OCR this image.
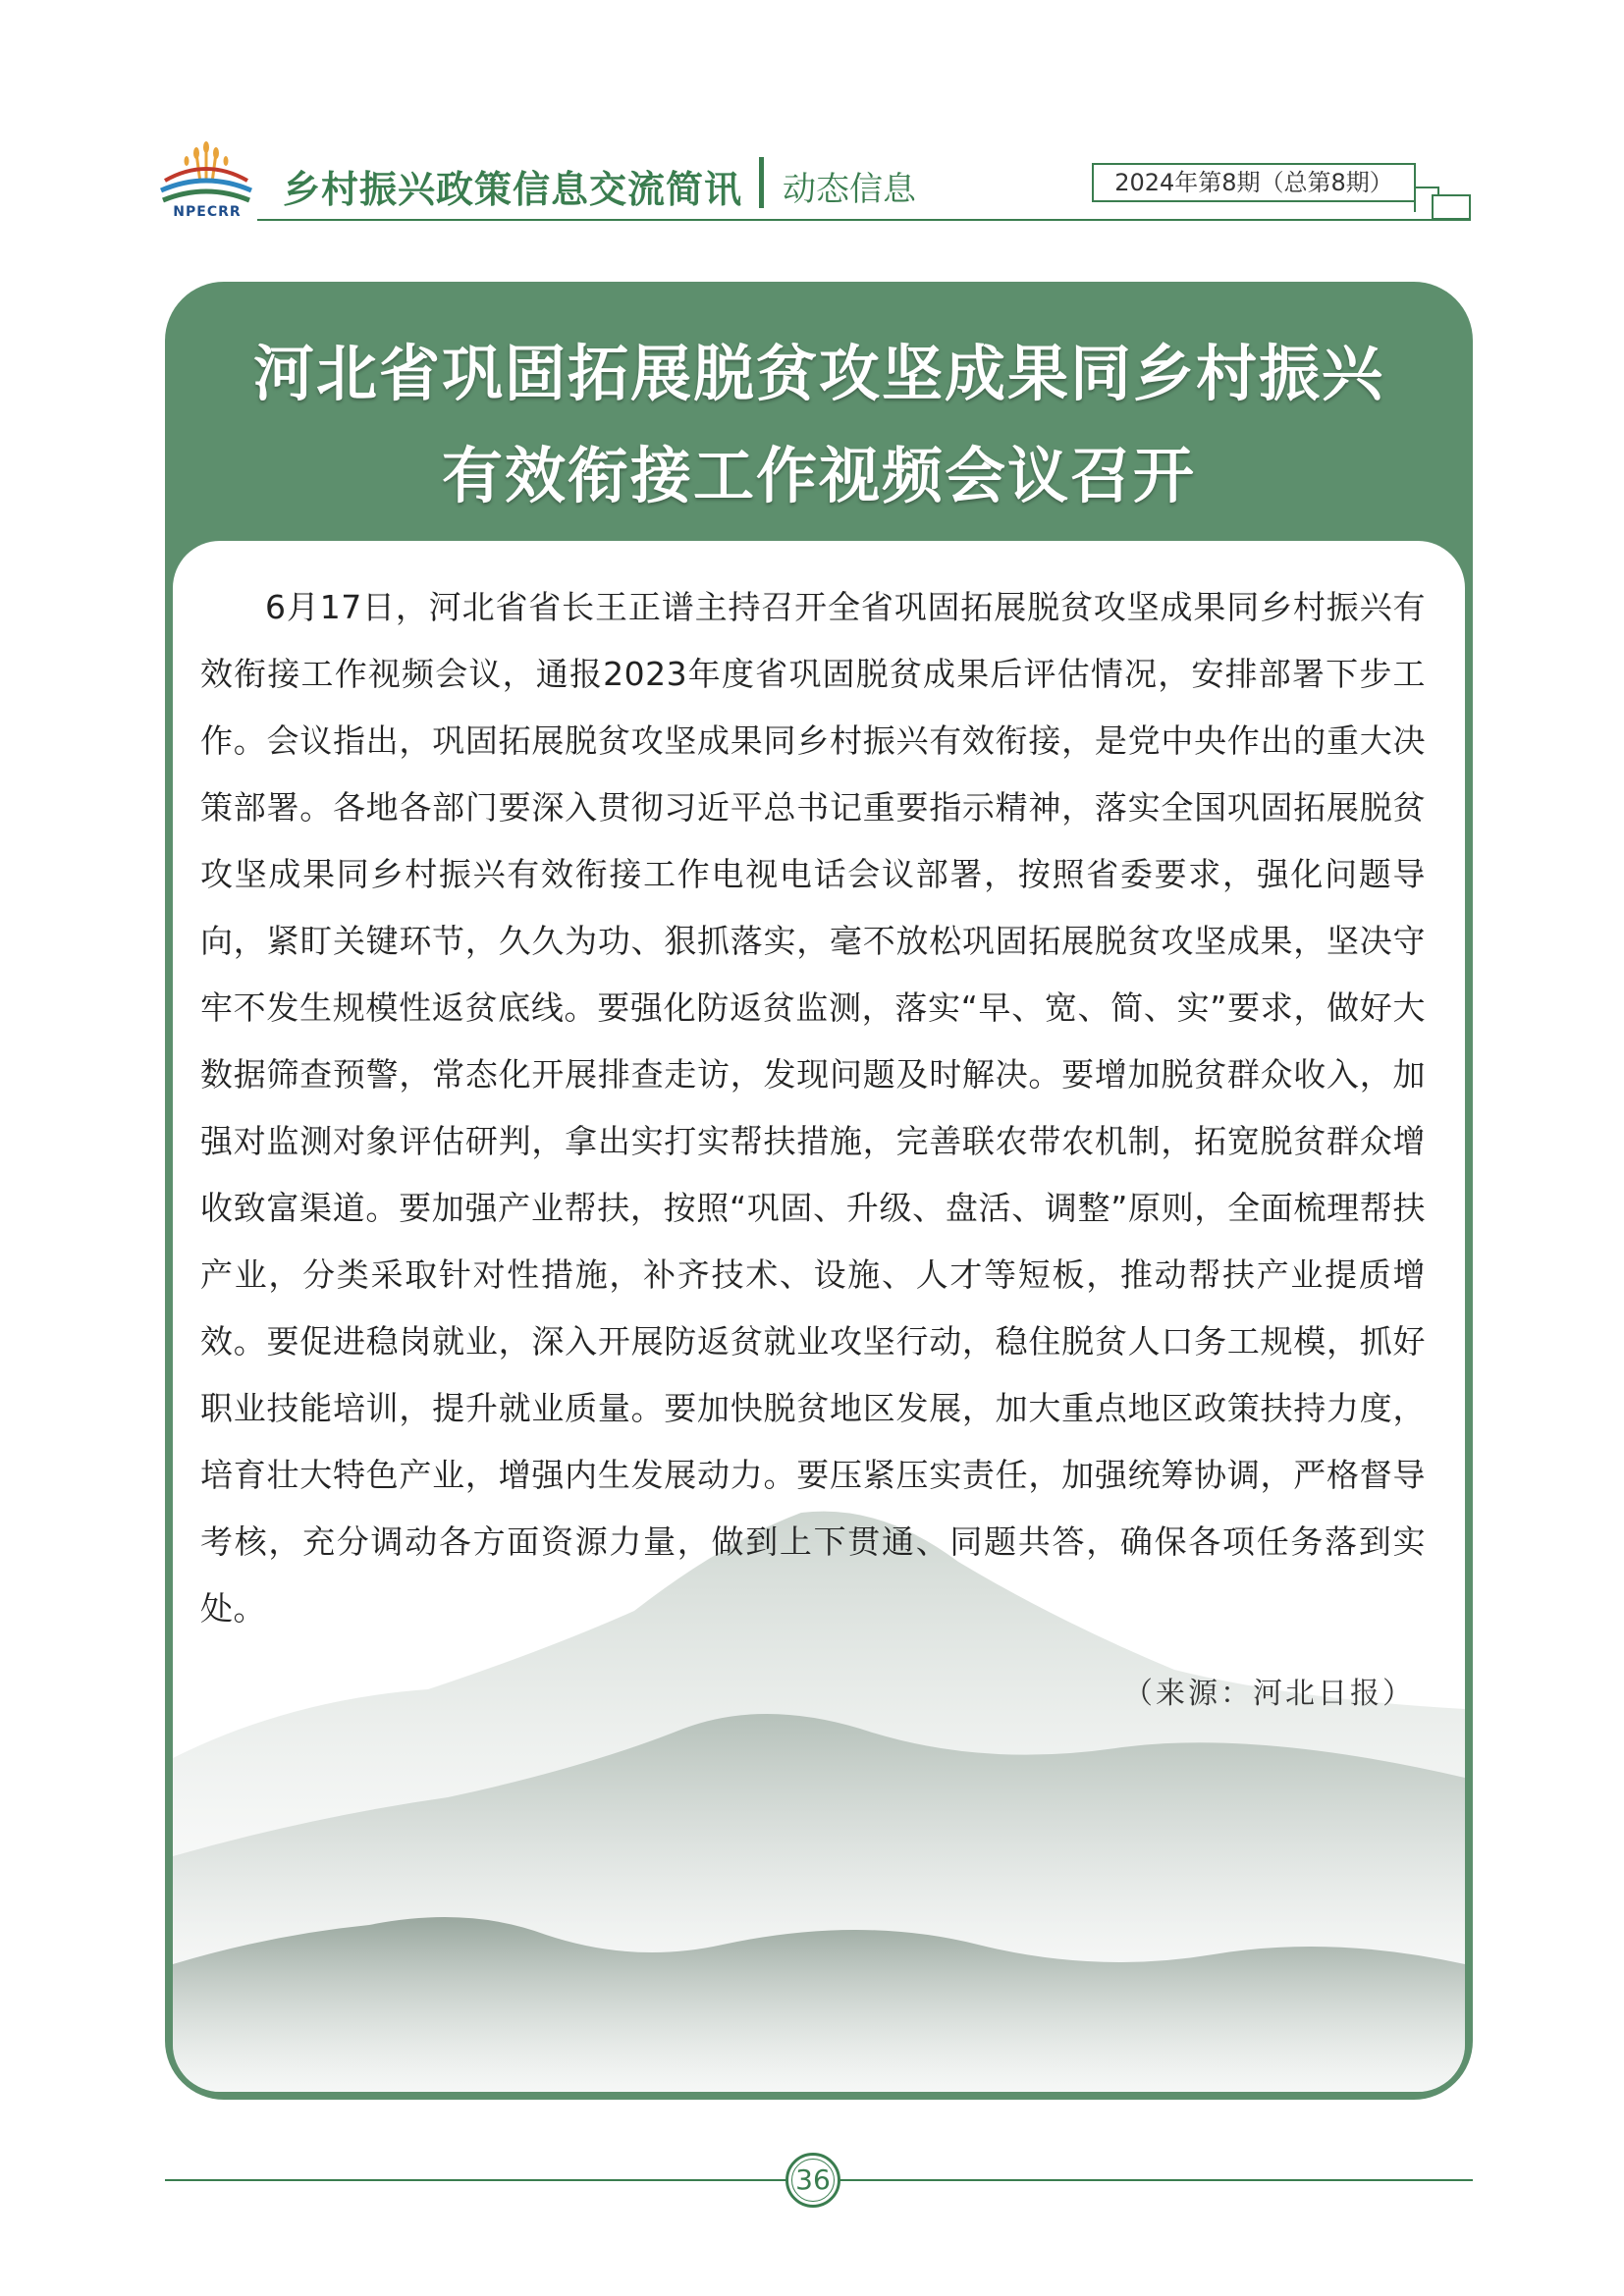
NPECRR
乡村振兴政策信息交流简讯 动态信息	2024年第8期（总第8期）
河北省巩固拓展脱贫攻坚成果同乡村振兴
有效衔接工作视频会议召开

6月17日，河北省省长王正谱主持召开全省巩固拓展脱贫攻坚成果同乡村振兴有效衔接工作视频会议，通报2023年度省巩固脱贫成果后评估情况，安排部署下步工作。会议指出，巩固拓展脱贫攻坚成果同乡村振兴有效衔接，是党中央作出的重大决策部署。各地各部门要深入贯彻习近平总书记重要指示精神，落实全国巩固拓展脱贫攻坚成果同乡村振兴有效衔接工作电视电话会议部署，按照省委要求，强化问题导向，紧盯关键环节，久久为功、狠抓落实，毫不放松巩固拓展脱贫攻坚成果，坚决守牢不发生规模性返贫底线。要强化防返贫监测，落实“早、宽、简、实”要求，做好大数据筛查预警，常态化开展排查走访，发现问题及时解决。要增加脱贫群众收入，加强对监测对象评估研判，拿出实打实帮扶措施，完善联农带农机制，拓宽脱贫群众增收致富渠道。要加强产业帮扶，按照“巩固、升级、盘活、调整”原则，全面梳理帮扶产业，分类采取针对性措施，补齐技术、设施、人才等短板，推动帮扶产业提质增效。要促进稳岗就业，深入开展防返贫就业攻坚行动，稳住脱贫人口务工规模，抓好职业技能培训，提升就业质量。要加快脱贫地区发展，加大重点地区政策扶持力度，培育壮大特色产业，增强内生发展动力。要压紧压实责任，加强统筹协调，严格督导考核，充分调动各方面资源力量，做到上下贯通、同题共答，确保各项任务落到实处。

（来源：河北日报）
36
